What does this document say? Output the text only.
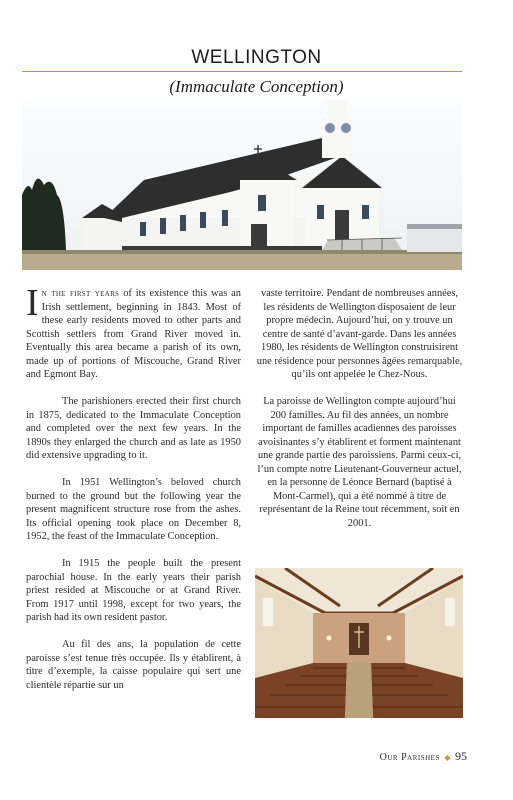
WELLINGTON
(Immaculate Conception)

In the first years of its existence this was an Irish settlement, beginning in 1843. Most of these early residents moved to other parts and Scottish settlers from Grand River moved in. Eventually this area became a parish of its own, made up of portions of Miscouche, Grand River and Egmont Bay.

The parishioners erected their first church in 1875, dedicated to the Immaculate Conception and completed over the next few years. In the 1890s they enlarged the church and as late as 1950 did extensive upgrading to it.

In 1951 Wellington’s beloved church burned to the ground but the following year the present magnificent structure rose from the ashes. Its official opening took place on December 8, 1952, the feast of the Immaculate Conception.

In 1915 the people built the present parochial house. In the early years their parish priest resided at Miscouche or at Grand River. From 1917 until 1998, except for two years, the parish had its own resident pastor.

Au fil des ans, la population de cette paroisse s’est tenue très occupée. Ils y établirent, à titre d’exemple, la caisse populaire qui sert une clientèle répartie sur un

vaste territoire. Pendant de nombreuses années, les résidents de Wellington disposaient de leur propre médecin. Aujourd’hui, on y trouve un centre de santé d’avant-garde. Dans les années 1980, les résidents de Wellington construisirent une résidence pour personnes âgées remarquable, qu’ils ont appelée le Chez-Nous.

La paroisse de Wellington compte aujourd’hui 200 familles. Au fil des années, un nombre important de familles acadiennes des paroisses avoisinantes s’y établirent et forment maintenant une grande partie des paroissiens. Parmi ceux-ci, l’un compte notre Lieutenant-Gouverneur actuel, en la personne de Léonce Bernard (baptisé à Mont-Carmel), qui a été nommé à titre de représentant de la Reine tout récemment, soit en 2001.

Our Parishes ◆ 95
